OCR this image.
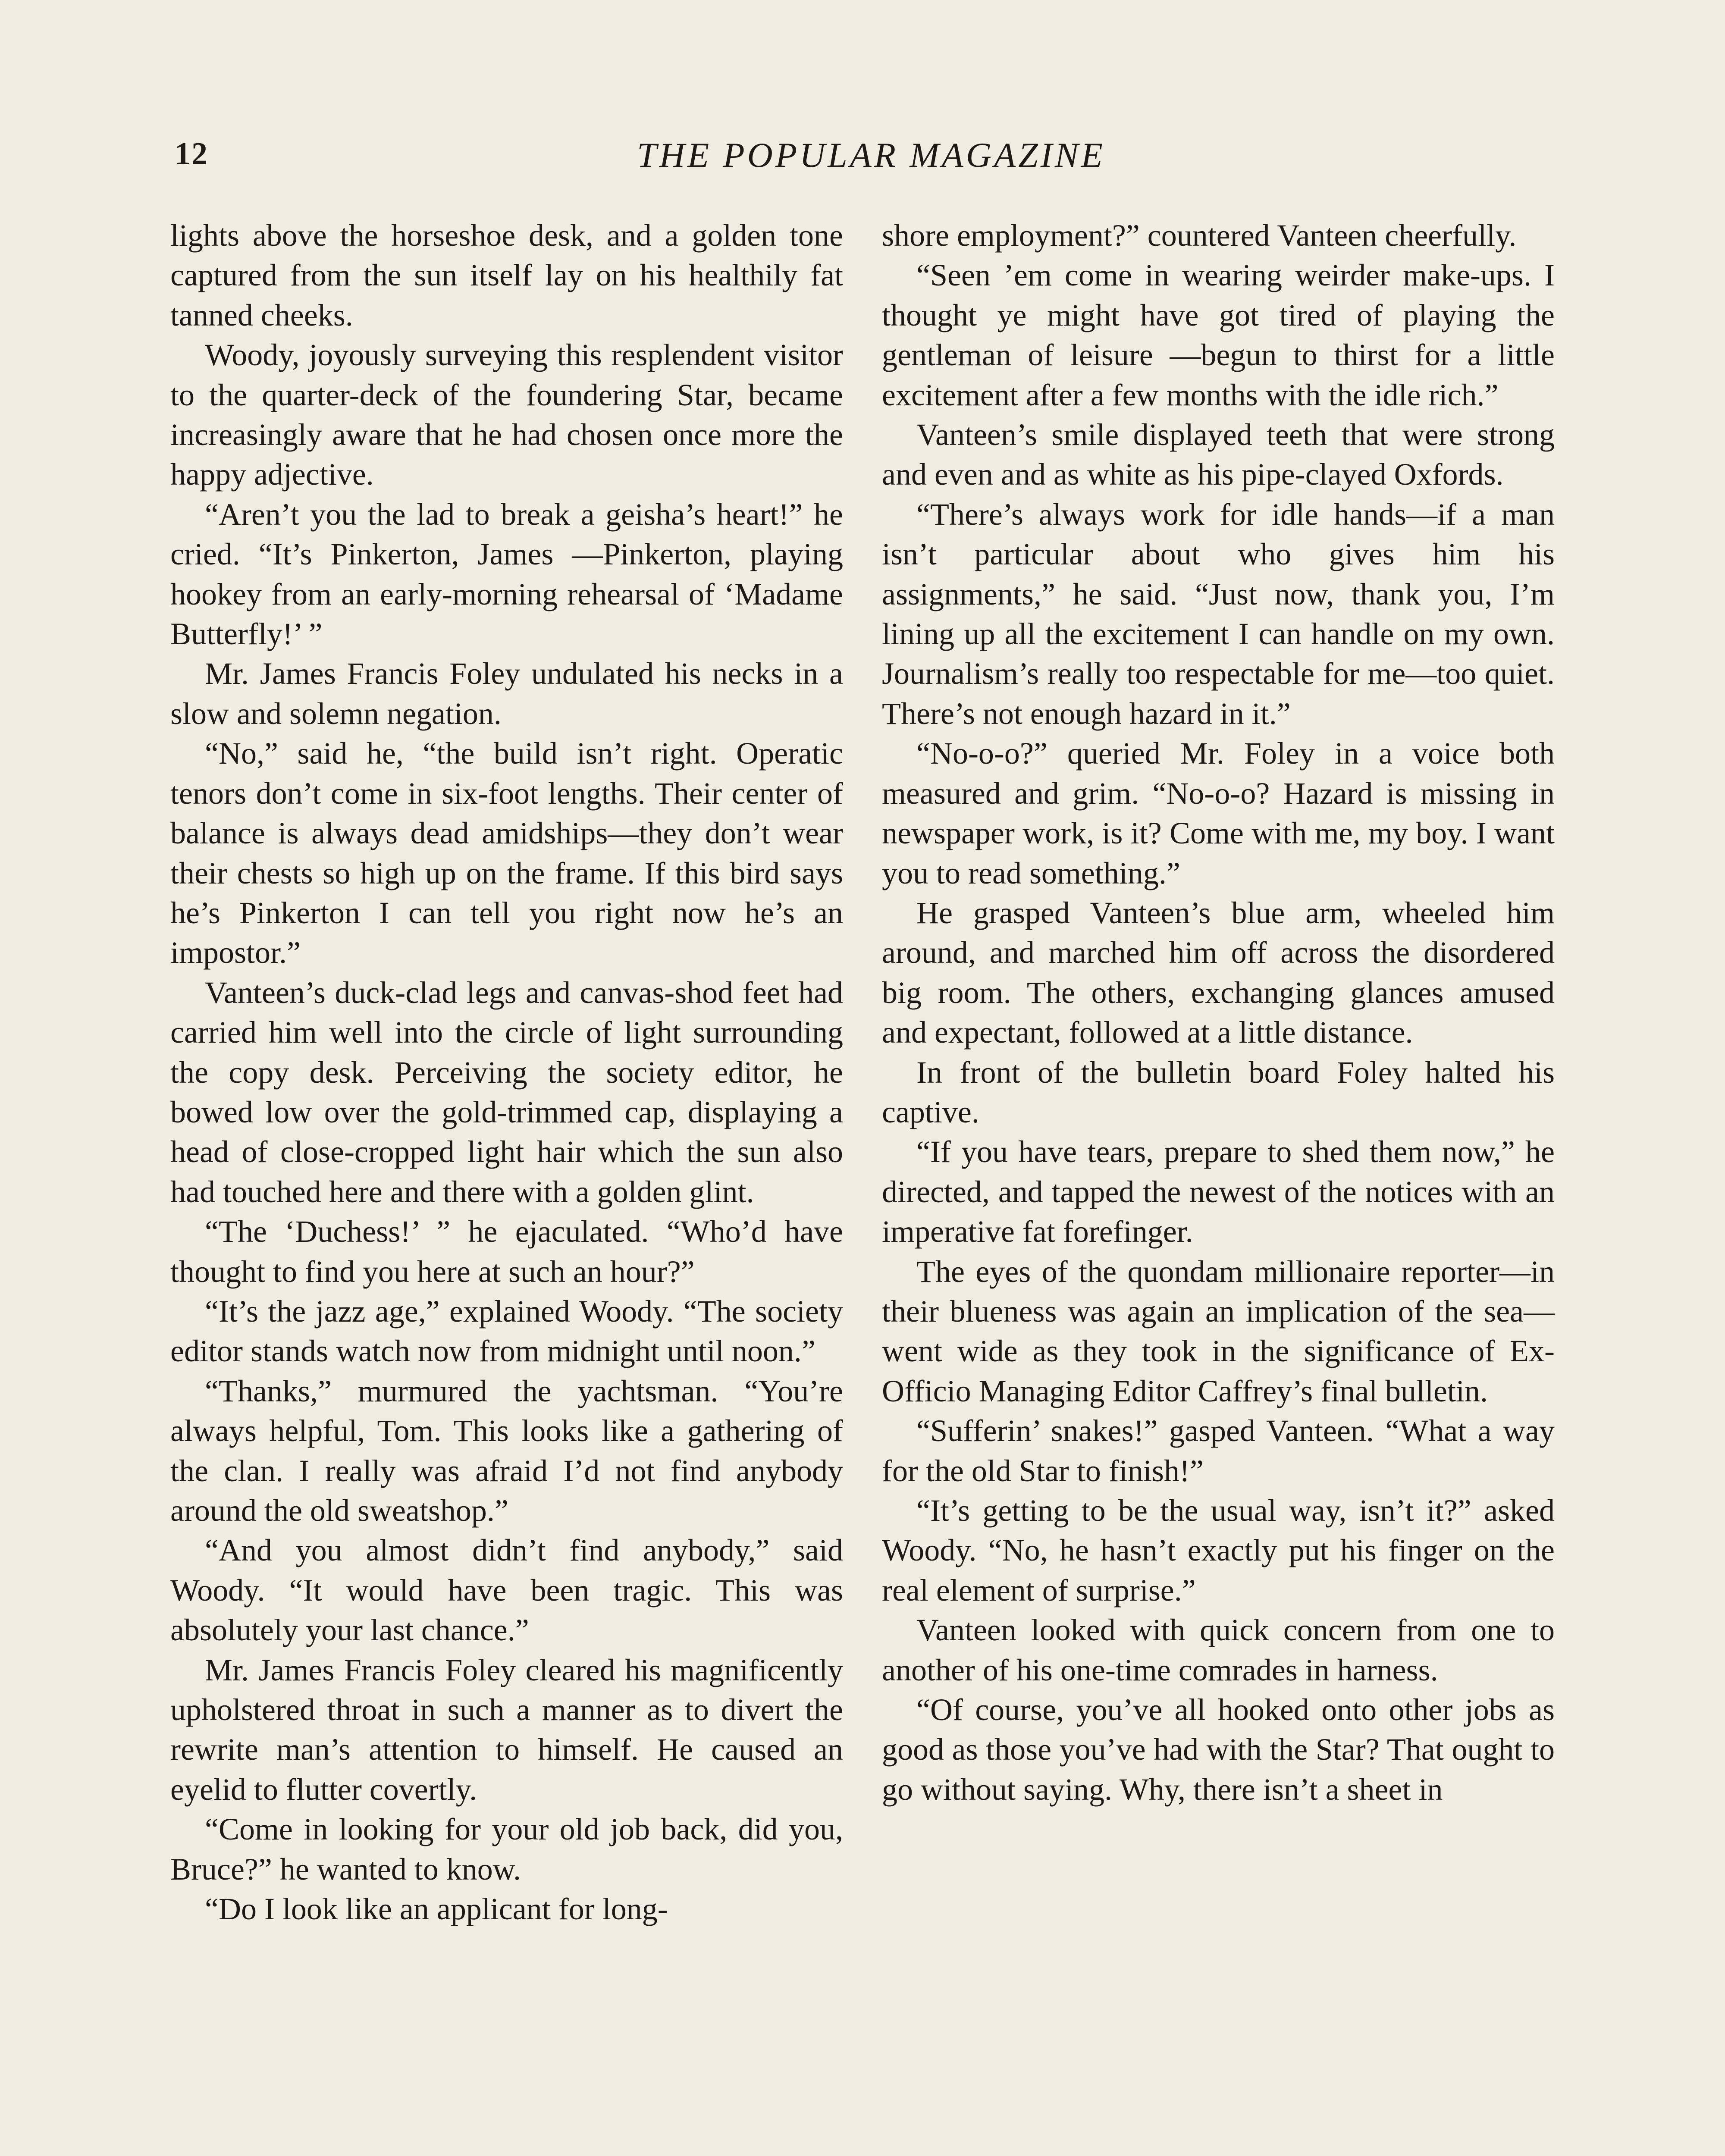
12	THE POPULAR MAGAZINE

lights above the horseshoe desk, and a golden tone captured from the sun itself lay on his healthily fat tanned cheeks.

Woody, joyously surveying this resplendent visitor to the quarter-deck of the foundering Star, became increasingly aware that he had chosen once more the happy adjective.

“Aren’t you the lad to break a geisha’s heart!” he cried. “It’s Pinkerton, James —Pinkerton, playing hookey from an early-morning rehearsal of ‘Madame Butterfly!’ ”

Mr. James Francis Foley undulated his necks in a slow and solemn negation.

“No,” said he, “the build isn’t right. Operatic tenors don’t come in six-foot lengths. Their center of balance is always dead amidships—they don’t wear their chests so high up on the frame. If this bird says he’s Pinkerton I can tell you right now he’s an impostor.”

Vanteen’s duck-clad legs and canvas-shod feet had carried him well into the circle of light surrounding the copy desk. Perceiving the society editor, he bowed low over the gold-trimmed cap, displaying a head of close-cropped light hair which the sun also had touched here and there with a golden glint.

“The ‘Duchess!’ ” he ejaculated. “Who’d have thought to find you here at such an hour?”

“It’s the jazz age,” explained Woody. “The society editor stands watch now from midnight until noon.”

“Thanks,” murmured the yachtsman. “You’re always helpful, Tom. This looks like a gathering of the clan. I really was afraid I’d not find anybody around the old sweatshop.”

“And you almost didn’t find anybody,” said Woody. “It would have been tragic. This was absolutely your last chance.”

Mr. James Francis Foley cleared his magnificently upholstered throat in such a manner as to divert the rewrite man’s attention to himself. He caused an eyelid to flutter covertly.

“Come in looking for your old job back, did you, Bruce?” he wanted to know.

“Do I look like an applicant for long-

shore employment?” countered Vanteen cheerfully.

“Seen ’em come in wearing weirder make-ups. I thought ye might have got tired of playing the gentleman of leisure —begun to thirst for a little excitement after a few months with the idle rich.”

Vanteen’s smile displayed teeth that were strong and even and as white as his pipe-clayed Oxfords.

“There’s always work for idle hands—if a man isn’t particular about who gives him his assignments,” he said. “Just now, thank you, I’m lining up all the excitement I can handle on my own. Journalism’s really too respectable for me—too quiet. There’s not enough hazard in it.”

“No-o-o?” queried Mr. Foley in a voice both measured and grim. “No-o-o? Hazard is missing in newspaper work, is it? Come with me, my boy. I want you to read something.”

He grasped Vanteen’s blue arm, wheeled him around, and marched him off across the disordered big room. The others, exchanging glances amused and expectant, followed at a little distance.

In front of the bulletin board Foley halted his captive.

“If you have tears, prepare to shed them now,” he directed, and tapped the newest of the notices with an imperative fat forefinger.

The eyes of the quondam millionaire reporter—in their blueness was again an implication of the sea—went wide as they took in the significance of Ex-Officio Managing Editor Caffrey’s final bulletin.

“Sufferin’ snakes!” gasped Vanteen. “What a way for the old Star to finish!”

“It’s getting to be the usual way, isn’t it?” asked Woody. “No, he hasn’t exactly put his finger on the real element of surprise.”

Vanteen looked with quick concern from one to another of his one-time comrades in harness.

“Of course, you’ve all hooked onto other jobs as good as those you’ve had with the Star? That ought to go without saying. Why, there isn’t a sheet in
